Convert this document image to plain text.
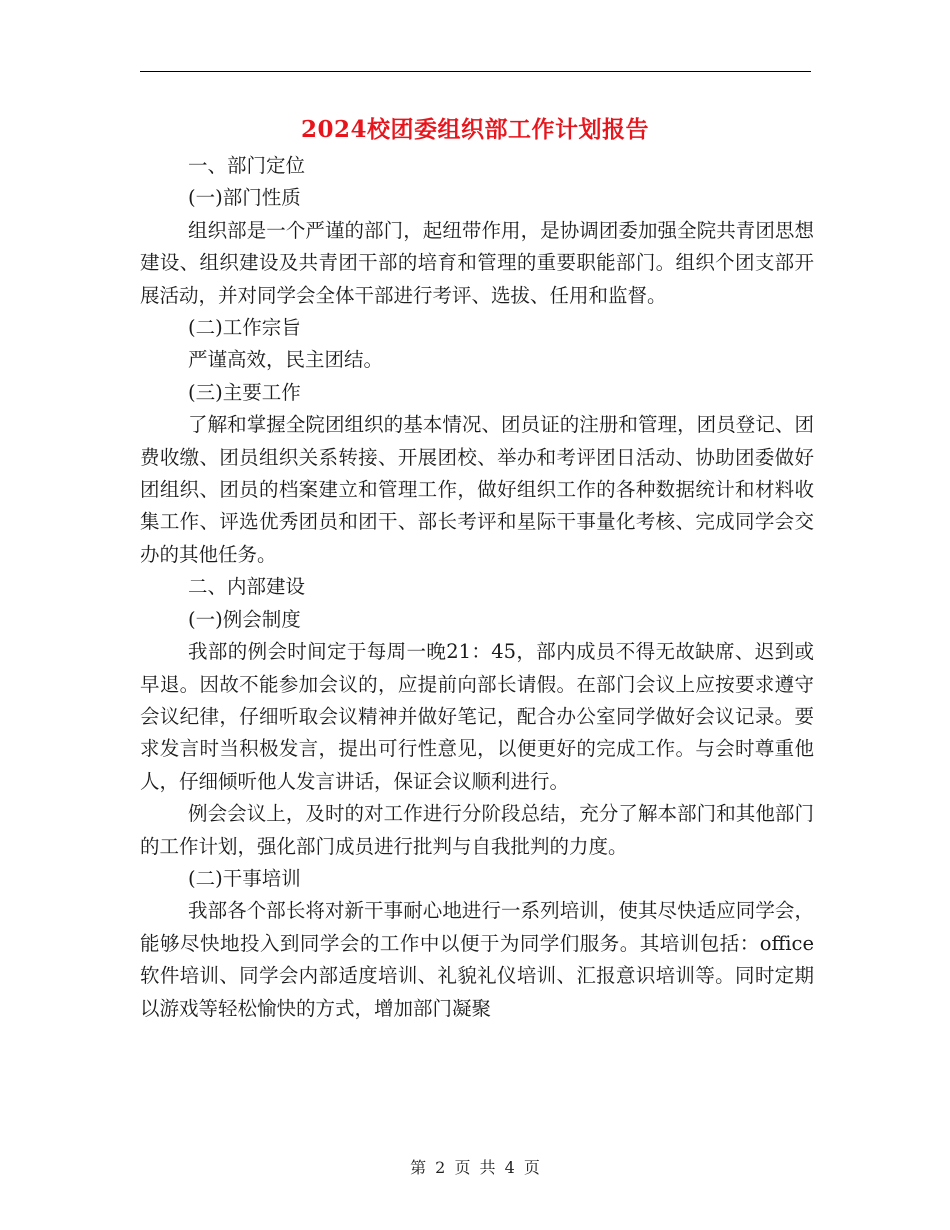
2024校团委组织部工作计划报告

一、部门定位

(一)部门性质

组织部是一个严谨的部门，起纽带作用，是协调团委加强全院共青团思想建设、组织建设及共青团干部的培育和管理的重要职能部门。组织个团支部开展活动，并对同学会全体干部进行考评、选拔、任用和监督。

(二)工作宗旨

严谨高效，民主团结。

(三)主要工作

了解和掌握全院团组织的基本情况、团员证的注册和管理，团员登记、团费收缴、团员组织关系转接、开展团校、举办和考评团日活动、协助团委做好团组织、团员的档案建立和管理工作，做好组织工作的各种数据统计和材料收集工作、评选优秀团员和团干、部长考评和星际干事量化考核、完成同学会交办的其他任务。

二、内部建设

(一)例会制度

我部的例会时间定于每周一晚21：45，部内成员不得无故缺席、迟到或早退。因故不能参加会议的，应提前向部长请假。在部门会议上应按要求遵守会议纪律，仔细听取会议精神并做好笔记，配合办公室同学做好会议记录。要求发言时当积极发言，提出可行性意见，以便更好的完成工作。与会时尊重他人，仔细倾听他人发言讲话，保证会议顺利进行。

例会会议上，及时的对工作进行分阶段总结，充分了解本部门和其他部门的工作计划，强化部门成员进行批判与自我批判的力度。

(二)干事培训

我部各个部长将对新干事耐心地进行一系列培训，使其尽快适应同学会，能够尽快地投入到同学会的工作中以便于为同学们服务。其培训包括：office软件培训、同学会内部适度培训、礼貌礼仪培训、汇报意识培训等。同时定期以游戏等轻松愉快的方式，增加部门凝聚

第 2 页 共 4 页
